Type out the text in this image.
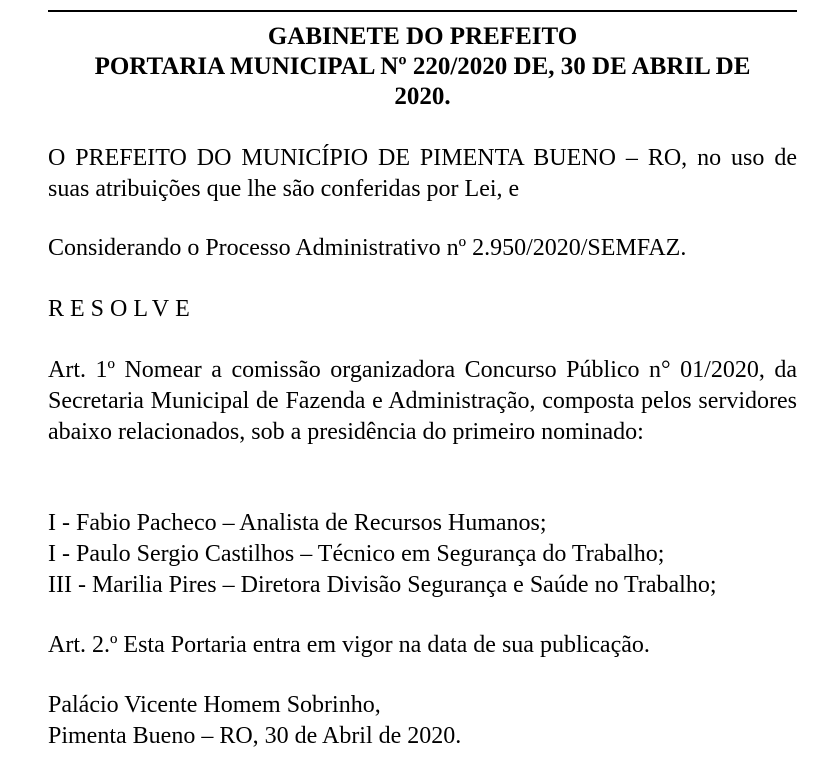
GABINETE DO PREFEITO
PORTARIA MUNICIPAL Nº 220/2020 DE, 30 DE ABRIL DE
2020.
O PREFEITO DO MUNICÍPIO DE PIMENTA BUENO – RO, no uso de suas atribuições que lhe são conferidas por Lei, e
Considerando o Processo Administrativo nº 2.950/2020/SEMFAZ.
RESOLVE
Art. 1º Nomear a comissão organizadora Concurso Público n° 01/2020, da Secretaria Municipal de Fazenda e Administração, composta pelos servidores abaixo relacionados, sob a presidência do primeiro nominado:
I - Fabio Pacheco – Analista de Recursos Humanos;
I - Paulo Sergio Castilhos – Técnico em Segurança do Trabalho;
III - Marilia Pires – Diretora Divisão Segurança e Saúde no Trabalho;
Art. 2.º Esta Portaria entra em vigor na data de sua publicação.
Palácio Vicente Homem Sobrinho,
Pimenta Bueno – RO, 30 de Abril de 2020.
